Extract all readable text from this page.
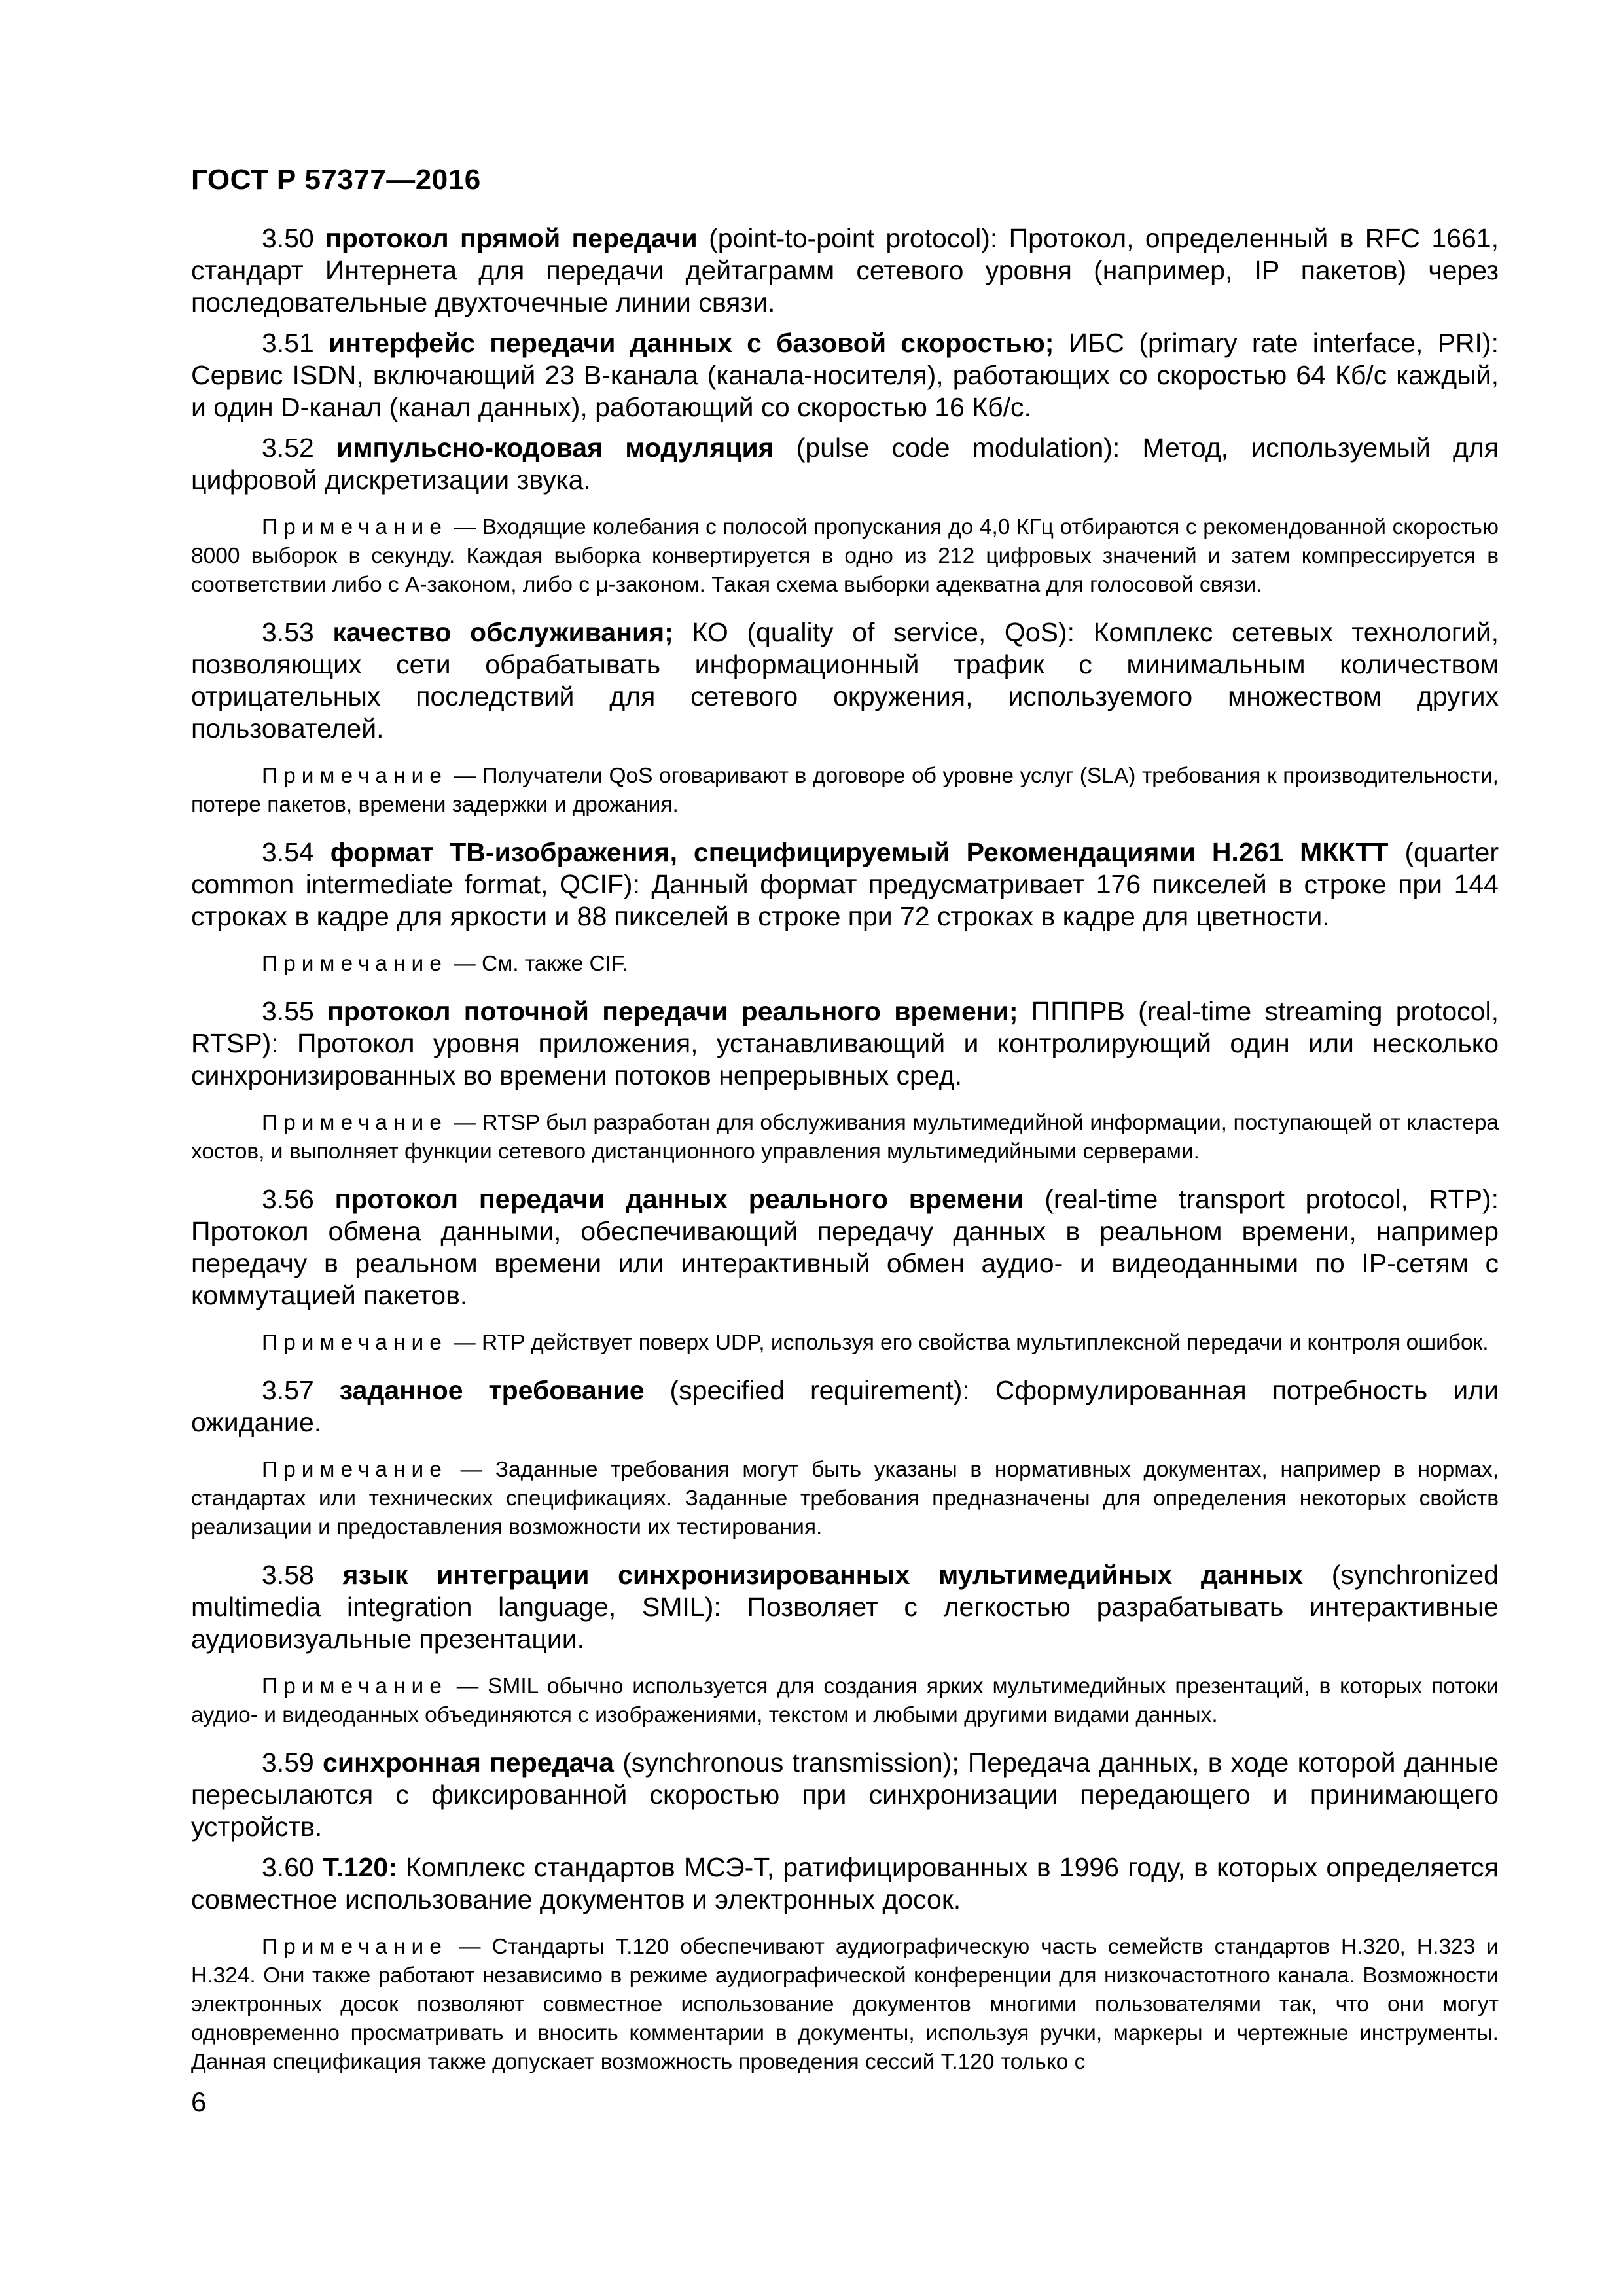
ГОСТ Р 57377—2016

3.50 протокол прямой передачи (point-to-point protocol): Протокол, определенный в RFC 1661, стандарт Интернета для передачи дейтаграмм сетевого уровня (например, IP пакетов) через последовательные двухточечные линии связи.

3.51 интерфейс передачи данных с базовой скоростью; ИБС (primary rate interface, PRI): Сервис ISDN, включающий 23 В-канала (канала-носителя), работающих со скоростью 64 Кб/с каждый, и один D-канал (канал данных), работающий со скоростью 16 Кб/с.

3.52 импульсно-кодовая модуляция (pulse code modulation): Метод, используемый для цифровой дискретизации звука.

Примечание — Входящие колебания с полосой пропускания до 4,0 КГц отбираются с рекомендованной скоростью 8000 выборок в секунду. Каждая выборка конвертируется в одно из 212 цифровых значений и затем компрессируется в соответствии либо с А-законом, либо с μ-законом. Такая схема выборки адекватна для голосовой связи.

3.53 качество обслуживания; КО (quality of service, QoS): Комплекс сетевых технологий, позволяющих сети обрабатывать информационный трафик с минимальным количеством отрицательных последствий для сетевого окружения, используемого множеством других пользователей.

Примечание — Получатели QoS оговаривают в договоре об уровне услуг (SLA) требования к производительности, потере пакетов, времени задержки и дрожания.

3.54 формат ТВ-изображения, специфицируемый Рекомендациями Н.261 МККТТ (quarter common intermediate format, QCIF): Данный формат предусматривает 176 пикселей в строке при 144 строках в кадре для яркости и 88 пикселей в строке при 72 строках в кадре для цветности.

Примечание — См. также CIF.

3.55 протокол поточной передачи реального времени; ПППРВ (real-time streaming protocol, RTSP): Протокол уровня приложения, устанавливающий и контролирующий один или несколько синхронизированных во времени потоков непрерывных сред.

Примечание — RTSP был разработан для обслуживания мультимедийной информации, поступающей от кластера хостов, и выполняет функции сетевого дистанционного управления мультимедийными серверами.

3.56 протокол передачи данных реального времени (real-time transport protocol, RTP): Протокол обмена данными, обеспечивающий передачу данных в реальном времени, например передачу в реальном времени или интерактивный обмен аудио- и видеоданными по IP-сетям с коммутацией пакетов.

Примечание — RTP действует поверх UDP, используя его свойства мультиплексной передачи и контроля ошибок.

3.57 заданное требование (specified requirement): Сформулированная потребность или ожидание.

Примечание — Заданные требования могут быть указаны в нормативных документах, например в нормах, стандартах или технических спецификациях. Заданные требования предназначены для определения некоторых свойств реализации и предоставления возможности их тестирования.

3.58 язык интеграции синхронизированных мультимедийных данных (synchronized multimedia integration language, SMIL): Позволяет с легкостью разрабатывать интерактивные аудиовизуальные презентации.

Примечание — SMIL обычно используется для создания ярких мультимедийных презентаций, в которых потоки аудио- и видеоданных объединяются с изображениями, текстом и любыми другими видами данных.

3.59 синхронная передача (synchronous transmission); Передача данных, в ходе которой данные пересылаются с фиксированной скоростью при синхронизации передающего и принимающего устройств.

3.60 Т.120: Комплекс стандартов МСЭ-Т, ратифицированных в 1996 году, в которых определяется совместное использование документов и электронных досок.

Примечание — Стандарты Т.120 обеспечивают аудиографическую часть семейств стандартов Н.320, Н.323 и Н.324. Они также работают независимо в режиме аудиографической конференции для низкочастотного канала. Возможности электронных досок позволяют совместное использование документов многими пользователями так, что они могут одновременно просматривать и вносить комментарии в документы, используя ручки, маркеры и чертежные инструменты. Данная спецификация также допускает возможность проведения сессий Т.120 только с

6
